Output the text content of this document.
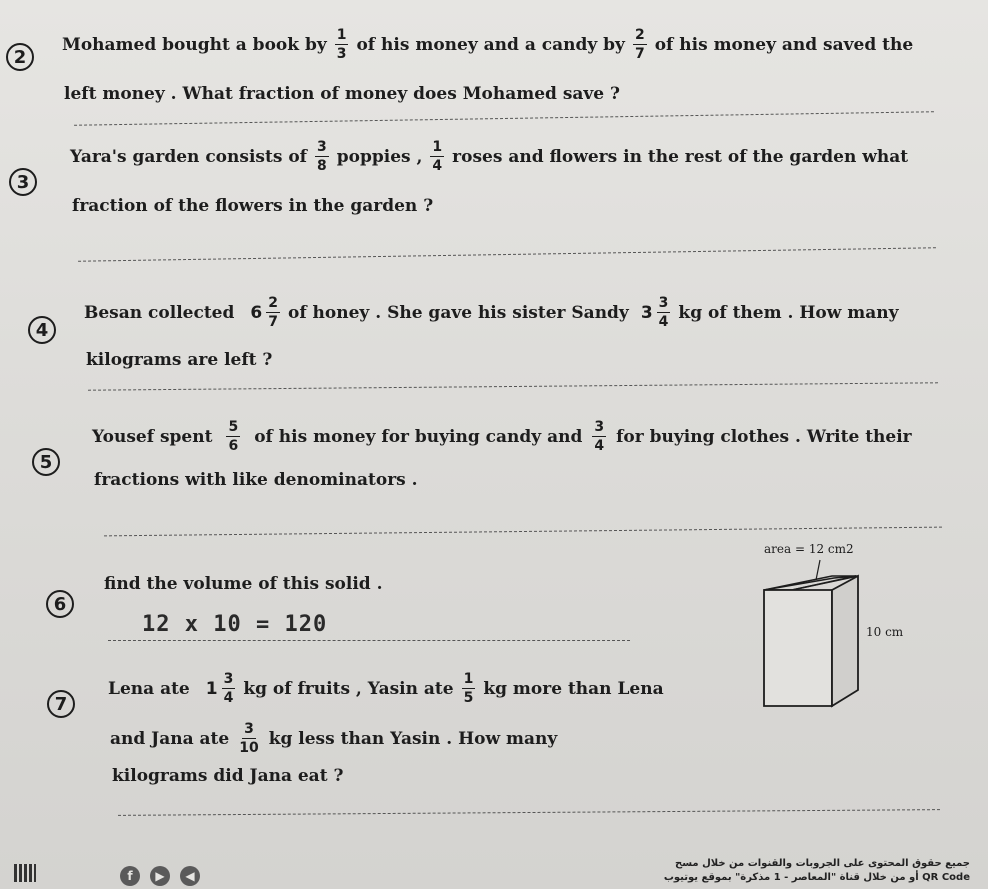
2
Mohamed bought a book by $\frac{1}{3}$ of his money and a candy by $\frac{2}{7}$ of his money and saved the
left money . What fraction of money does Mohamed save ?
3
Yara's garden consists of $\frac{3}{8}$ poppies , $\frac{1}{4}$ roses and flowers in the rest of the garden what
fraction of the flowers in the garden ?
4
Besan collected $6 \frac{2}{7}$ of honey . She gave his sister Sandy $3 \frac{3}{4}$ kg of them . How many
kilograms are left ?
5
Yousef spent $\frac{5}{6}$ of his money for buying candy and $\frac{3}{4}$ for buying clothes . Write their
fractions with like denominators .
6
find the volume of this solid .
12 x 10 = 120
area = 12 cm2
10 cm
7
Lena ate $1 \frac{3}{4}$ kg of fruits , Yasin ate $\frac{1}{5}$ kg more than Lena
and Jana ate $\frac{3}{10}$ kg less than Yasin . How many
kilograms did Jana eat ?
f	▶	◀
جميع حقوق المحتوى على الجروبات والقنوات من خلال مسح
QR Code أو من خلال قناة "المعاصر - 1 مذكرة" بموقع يوتيوب
